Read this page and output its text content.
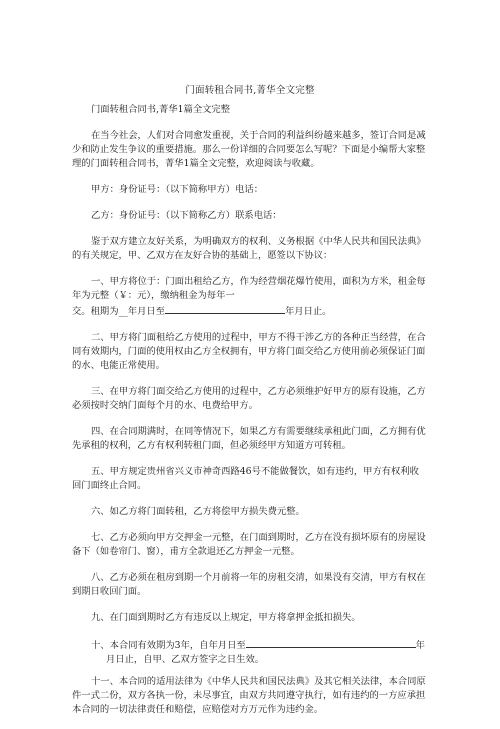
门面转租合同书,菁华全文完整

门面转租合同书,菁华1篇全文完整

在当今社会，人们对合同愈发重视，关于合同的利益纠纷越来越多，签订合同是减少和防止发生争议的重要措施。那么一份详细的合同要怎么写呢？下面是小编帮大家整理的门面转租合同书，菁华1篇全文完整，欢迎阅读与收藏。

甲方：身份证号：（以下简称甲方）电话：

乙方：身份证号：（以下简称乙方）联系电话：

鉴于双方建立友好关系，为明确双方的权利、义务根据《中华人民共和国民法典》的有关规定，甲、乙双方在友好合协的基础上，愿签以下协议：

一、甲方将位于：门面出租给乙方，作为经营烟花爆竹使用，面积为方米，租金每年为元整（￥：元），缴纳租金为每年一
交。租期为__年月日至	年月日止。

二、甲方将门面租给乙方使用的过程中，甲方不得干涉乙方的各种正当经营，在合同有效期内，门面的使用权由乙方全权拥有，甲方将门面交给乙方使用前必须保证门面的水、电能正常使用。

三、在甲方将门面交给乙方使用的过程中，乙方必须维护好甲方的原有设施，乙方必须按时交纳门面每个月的水、电费给甲方。

四、在合同期满时，在同等情况下，如果乙方有需要继续承租此门面，乙方拥有优先承租的权利，乙方有权利转租门面，但必须经甲方知道方可转租。

五、甲方规定贵州省兴义市神奇西路46号不能做餐饮，如有违约，甲方有权利收回门面终止合同。

六、如乙方将门面转租，乙方将偿甲方损失费元整。

七、乙方必须向甲方交押金一元整，在门面到期时，乙方在没有损坏原有的房屋设备下（如卷帘门、窗），甫方全款退还乙方押金一元整。

八、乙方必须在租房到期一个月前将一年的房租交清，如果没有交清，甲方有权在到期日收回门面。

九、在门面到期时乙方有违反以上规定，甲方将拿押金抵扣损失。

十、本合同有效期为3年，自年月日至	年
月日止，自甲、乙双方签字之日生效。

十一、本合同的适用法律为《中华人民共和国民法典》及其它相关法律，本合同原件一式二份，双方各执一份，未尽事宜，由双方共同遵守执行，如有违约的一方应承担本合同的一切法律责任和赔偿，应赔偿对方万元作为违约金。
